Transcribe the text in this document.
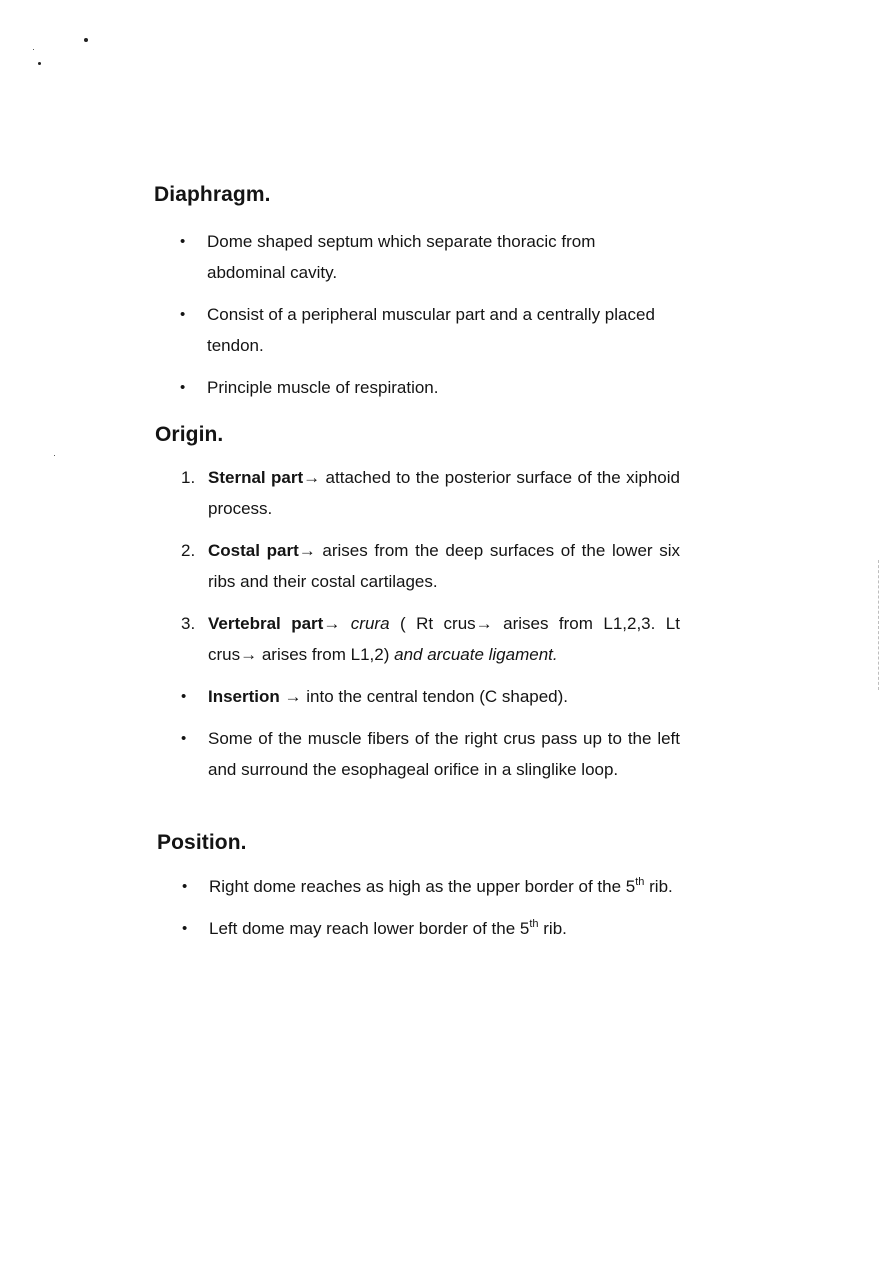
Diaphragm.
• Dome shaped septum which separate thoracic from abdominal cavity.
• Consist of a peripheral muscular part and a centrally placed tendon.
• Principle muscle of respiration.
Origin.
1. Sternal part→ attached to the posterior surface of the xiphoid process.
2. Costal part→ arises from the deep surfaces of the lower six ribs and their costal cartilages.
3. Vertebral part→ crura ( Rt crus→ arises from L1,2,3. Lt crus→ arises from L1,2) and arcuate ligament.
• Insertion → into the central tendon (C shaped).
• Some of the muscle fibers of the right crus pass up to the left and surround the esophageal orifice in a slinglike loop.
Position.
• Right dome reaches as high as the upper border of the 5th rib.
• Left dome may reach lower border of the 5th rib.
